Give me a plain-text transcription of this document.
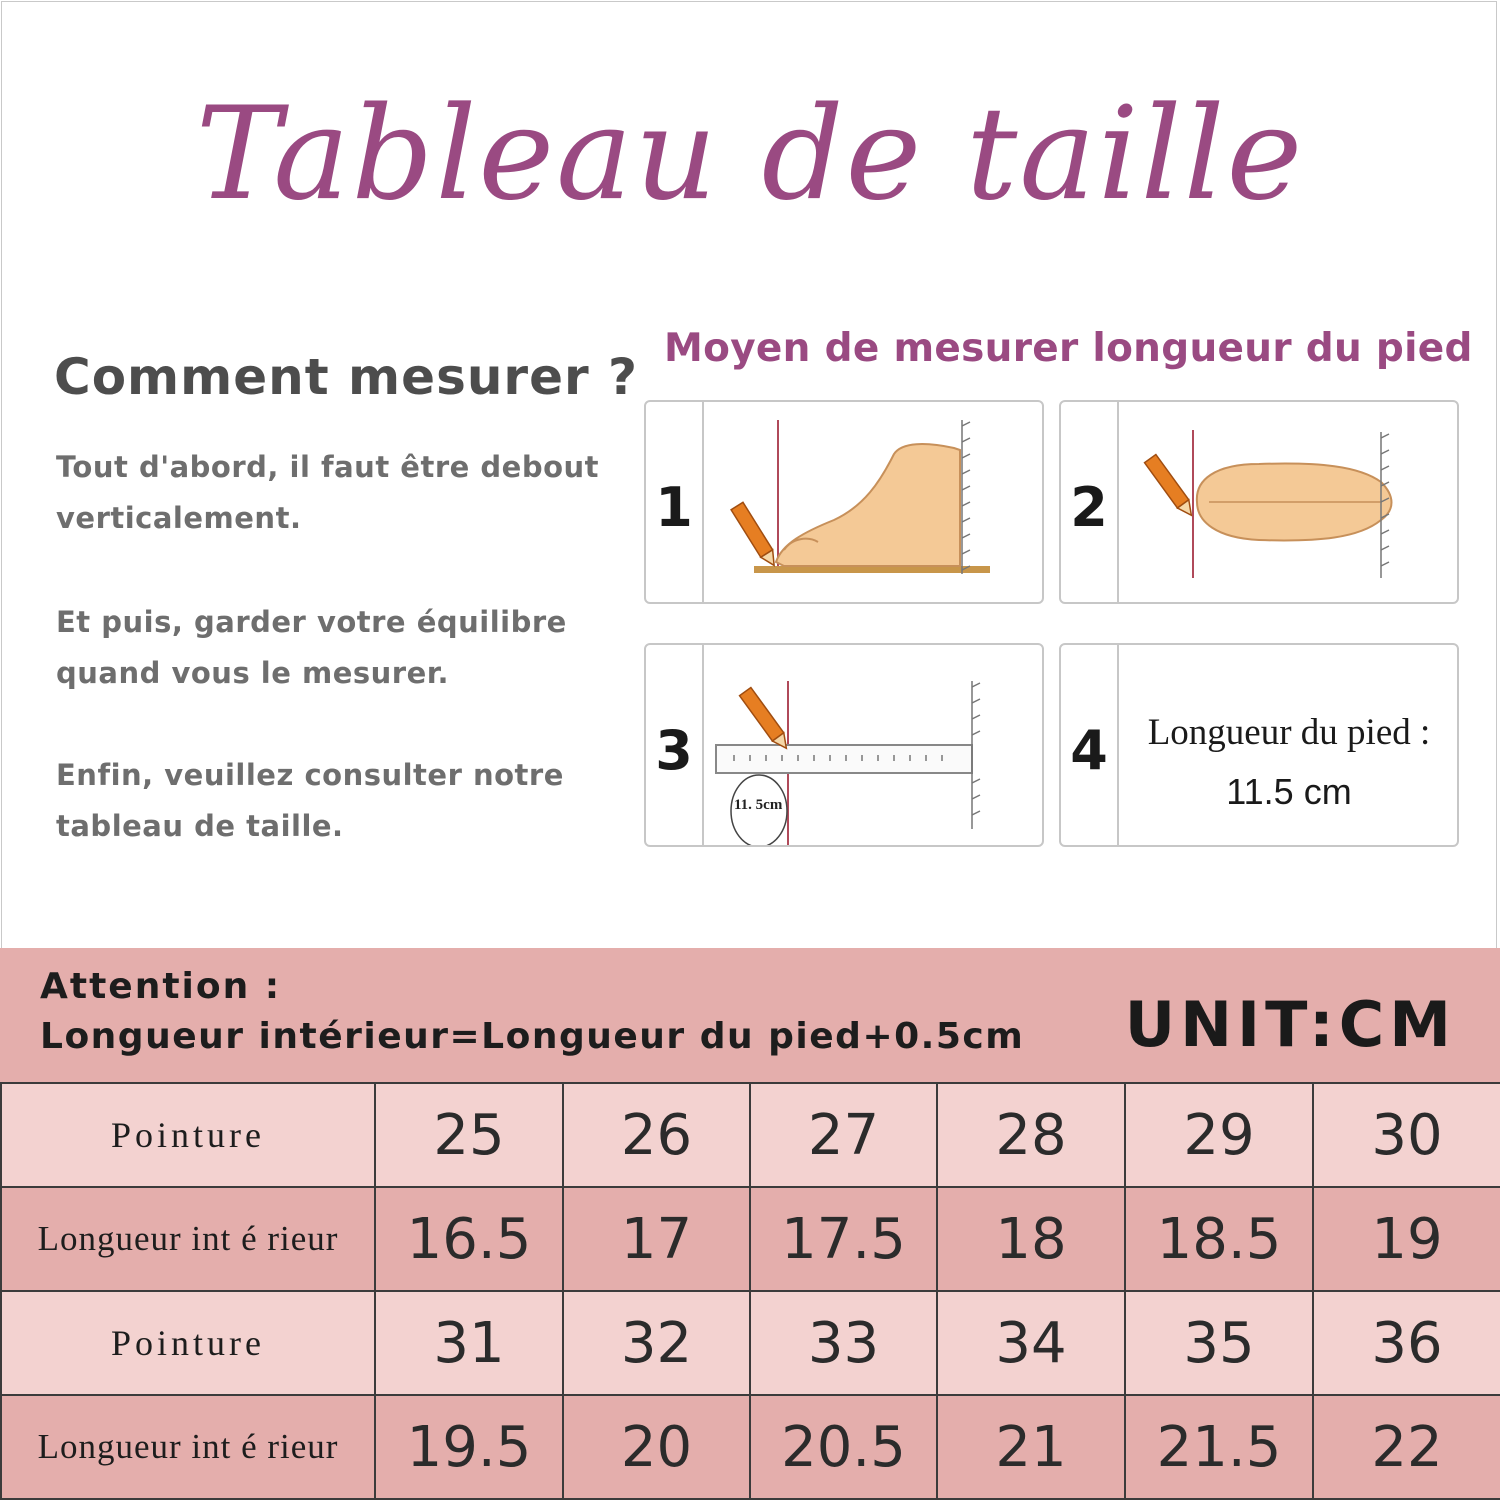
Tableau de taille
Comment mesurer ?
Tout d'abord, il faut être debout
verticalement.
Et puis, garder votre équilibre
quand vous le mesurer.
Enfin, veuillez consulter notre
tableau de taille.
Moyen de mesurer longueur du pied
1	2
3
11. 5cm
4	Longueur du pied :
11.5 cm
Attention :
Longueur intérieur=Longueur du pied+0.5cm UNIT:CM
Pointure	25	26	27	28	29	30
Longueur int é rieur	16.5	17	17.5	18	18.5	19
Pointure	31	32	33	34	35	36
Longueur int é rieur	19.5	20	20.5	21	21.5	22
